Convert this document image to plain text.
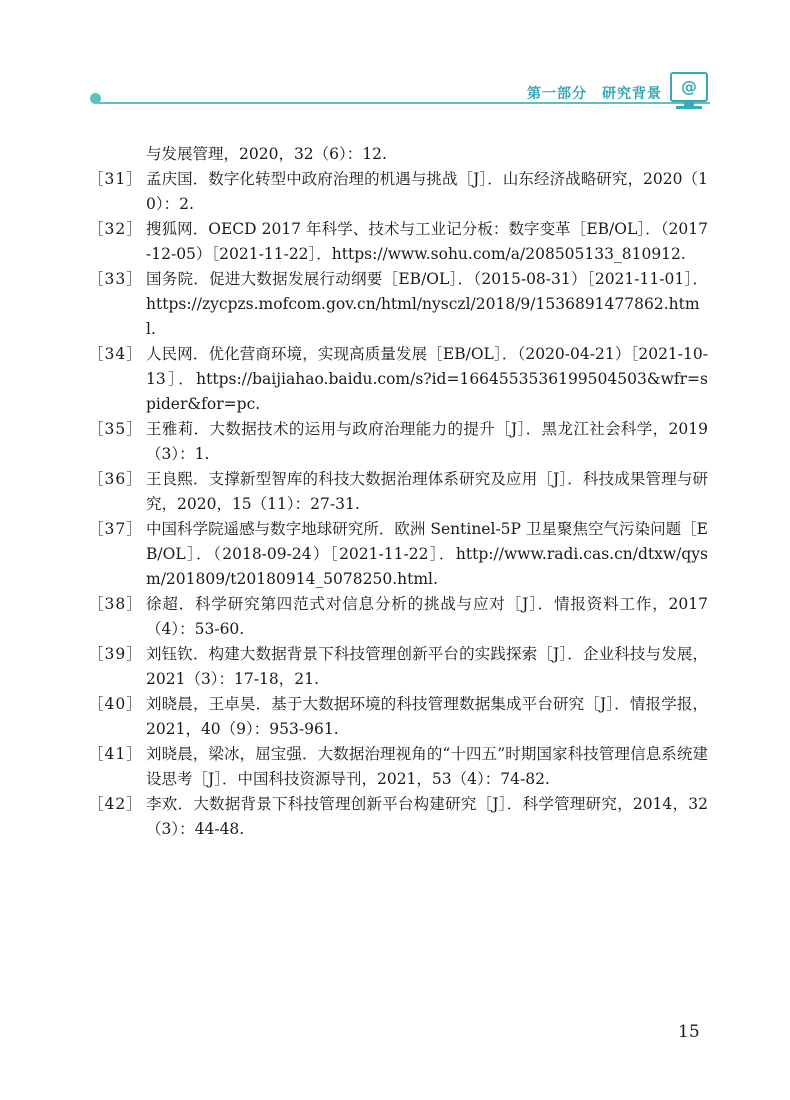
第一部分　研究背景	@
与发展管理，2020，32（6）：12.
［31］ 孟庆国．数字化转型中政府治理的机遇与挑战［J］．山东经济战略研究，2020（10）：2.
［32］ 搜狐网．OECD 2017 年科学、技术与工业记分板：数字变革［EB/OL］．（2017-12-05）［2021-11-22］．https://www.sohu.com/a/208505133_810912.
［33］ 国务院．促进大数据发展行动纲要［EB/OL］．（2015-08-31）［2021-11-01］．https://zycpzs.mofcom.gov.cn/html/nysczl/2018/9/1536891477862.html.
［34］ 人民网．优化营商环境，实现高质量发展［EB/OL］．（2020-04-21）［2021-10-13］．https://baijiahao.baidu.com/s?id=1664553536199504503&wfr=spider&for=pc.
［35］ 王雅莉．大数据技术的运用与政府治理能力的提升［J］．黑龙江社会科学，2019（3）：1.
［36］ 王良熙．支撑新型智库的科技大数据治理体系研究及应用［J］．科技成果管理与研究，2020，15（11）：27-31.
［37］ 中国科学院遥感与数字地球研究所．欧洲 Sentinel-5P 卫星聚焦空气污染问题［EB/OL］．（2018-09-24）［2021-11-22］．http://www.radi.cas.cn/dtxw/qysm/201809/t20180914_5078250.html.
［38］ 徐超．科学研究第四范式对信息分析的挑战与应对［J］．情报资料工作，2017（4）：53-60.
［39］ 刘钰钦．构建大数据背景下科技管理创新平台的实践探索［J］．企业科技与发展，2021（3）：17-18，21.
［40］ 刘晓晨，王卓昊．基于大数据环境的科技管理数据集成平台研究［J］．情报学报，2021，40（9）：953-961.
［41］ 刘晓晨，梁冰，屈宝强．大数据治理视角的“十四五”时期国家科技管理信息系统建设思考［J］．中国科技资源导刊，2021，53（4）：74-82.
［42］ 李欢．大数据背景下科技管理创新平台构建研究［J］．科学管理研究，2014，32（3）：44-48.
15
